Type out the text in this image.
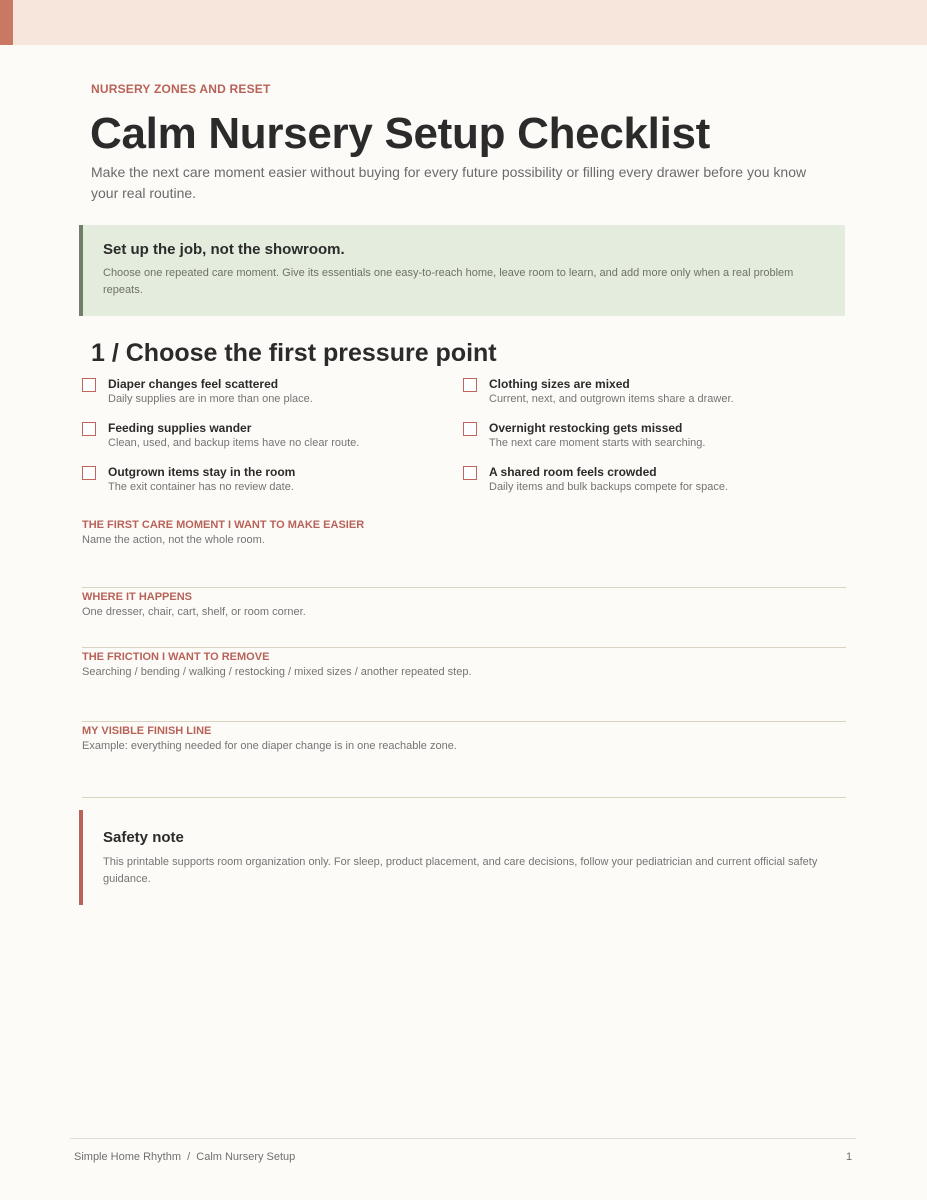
NURSERY ZONES AND RESET
Calm Nursery Setup Checklist
Make the next care moment easier without buying for every future possibility or filling every drawer before you know your real routine.
Set up the job, not the showroom.
Choose one repeated care moment. Give its essentials one easy-to-reach home, leave room to learn, and add more only when a real problem repeats.
1 / Choose the first pressure point
Diaper changes feel scattered
Daily supplies are in more than one place.
Feeding supplies wander
Clean, used, and backup items have no clear route.
Outgrown items stay in the room
The exit container has no review date.
Clothing sizes are mixed
Current, next, and outgrown items share a drawer.
Overnight restocking gets missed
The next care moment starts with searching.
A shared room feels crowded
Daily items and bulk backups compete for space.
THE FIRST CARE MOMENT I WANT TO MAKE EASIER
Name the action, not the whole room.
WHERE IT HAPPENS
One dresser, chair, cart, shelf, or room corner.
THE FRICTION I WANT TO REMOVE
Searching / bending / walking / restocking / mixed sizes / another repeated step.
MY VISIBLE FINISH LINE
Example: everything needed for one diaper change is in one reachable zone.
Safety note
This printable supports room organization only. For sleep, product placement, and care decisions, follow your pediatrician and current official safety guidance.
Simple Home Rhythm  /  Calm Nursery Setup	1
